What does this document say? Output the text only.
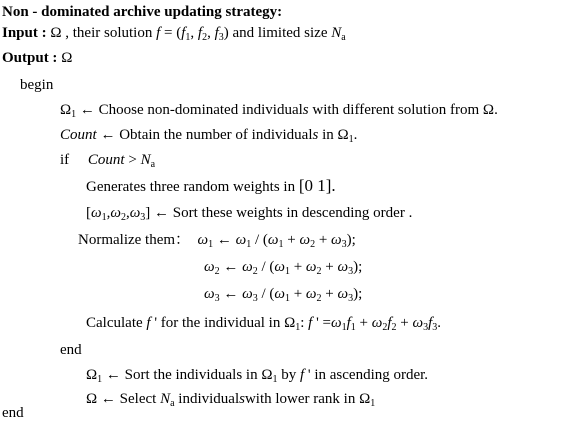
Non - dominated archive updating strategy:
Input : Ω , their solution $f = (f_1$, $f_2$, $f_3$) and limited size $N_a$
Output : Ω
begin
$\Omega_1$ ← Choose non-dominated individuals with different solution from Ω.
Count ← Obtain the number of individuals in $\Omega_1$.
if Count > $N_a$
Generates three random weights in [0 1].
$[\omega_1,\omega_2,\omega_3]$ ← Sort these weights in descending order .
Normalize them： $\omega_1$ ← $\omega_1 / (\omega_1 + \omega_2 + \omega_3)$;
$\omega_2$ ← $\omega_2 / (\omega_1 + \omega_2 + \omega_3)$;
$\omega_3$ ← $\omega_3 / (\omega_1 + \omega_2 + \omega_3)$;
Calculate f ' for the individual in $\Omega_1$: f ' $=\omega_1f_1 + \omega_2f_2 + \omega_3f_3$.
end
$\Omega_1$ ← Sort the individuals in $\Omega_1$ by f ' in ascending order.
Ω ← Select $N_a$ individualswith lower rank in $\Omega_1$
end
